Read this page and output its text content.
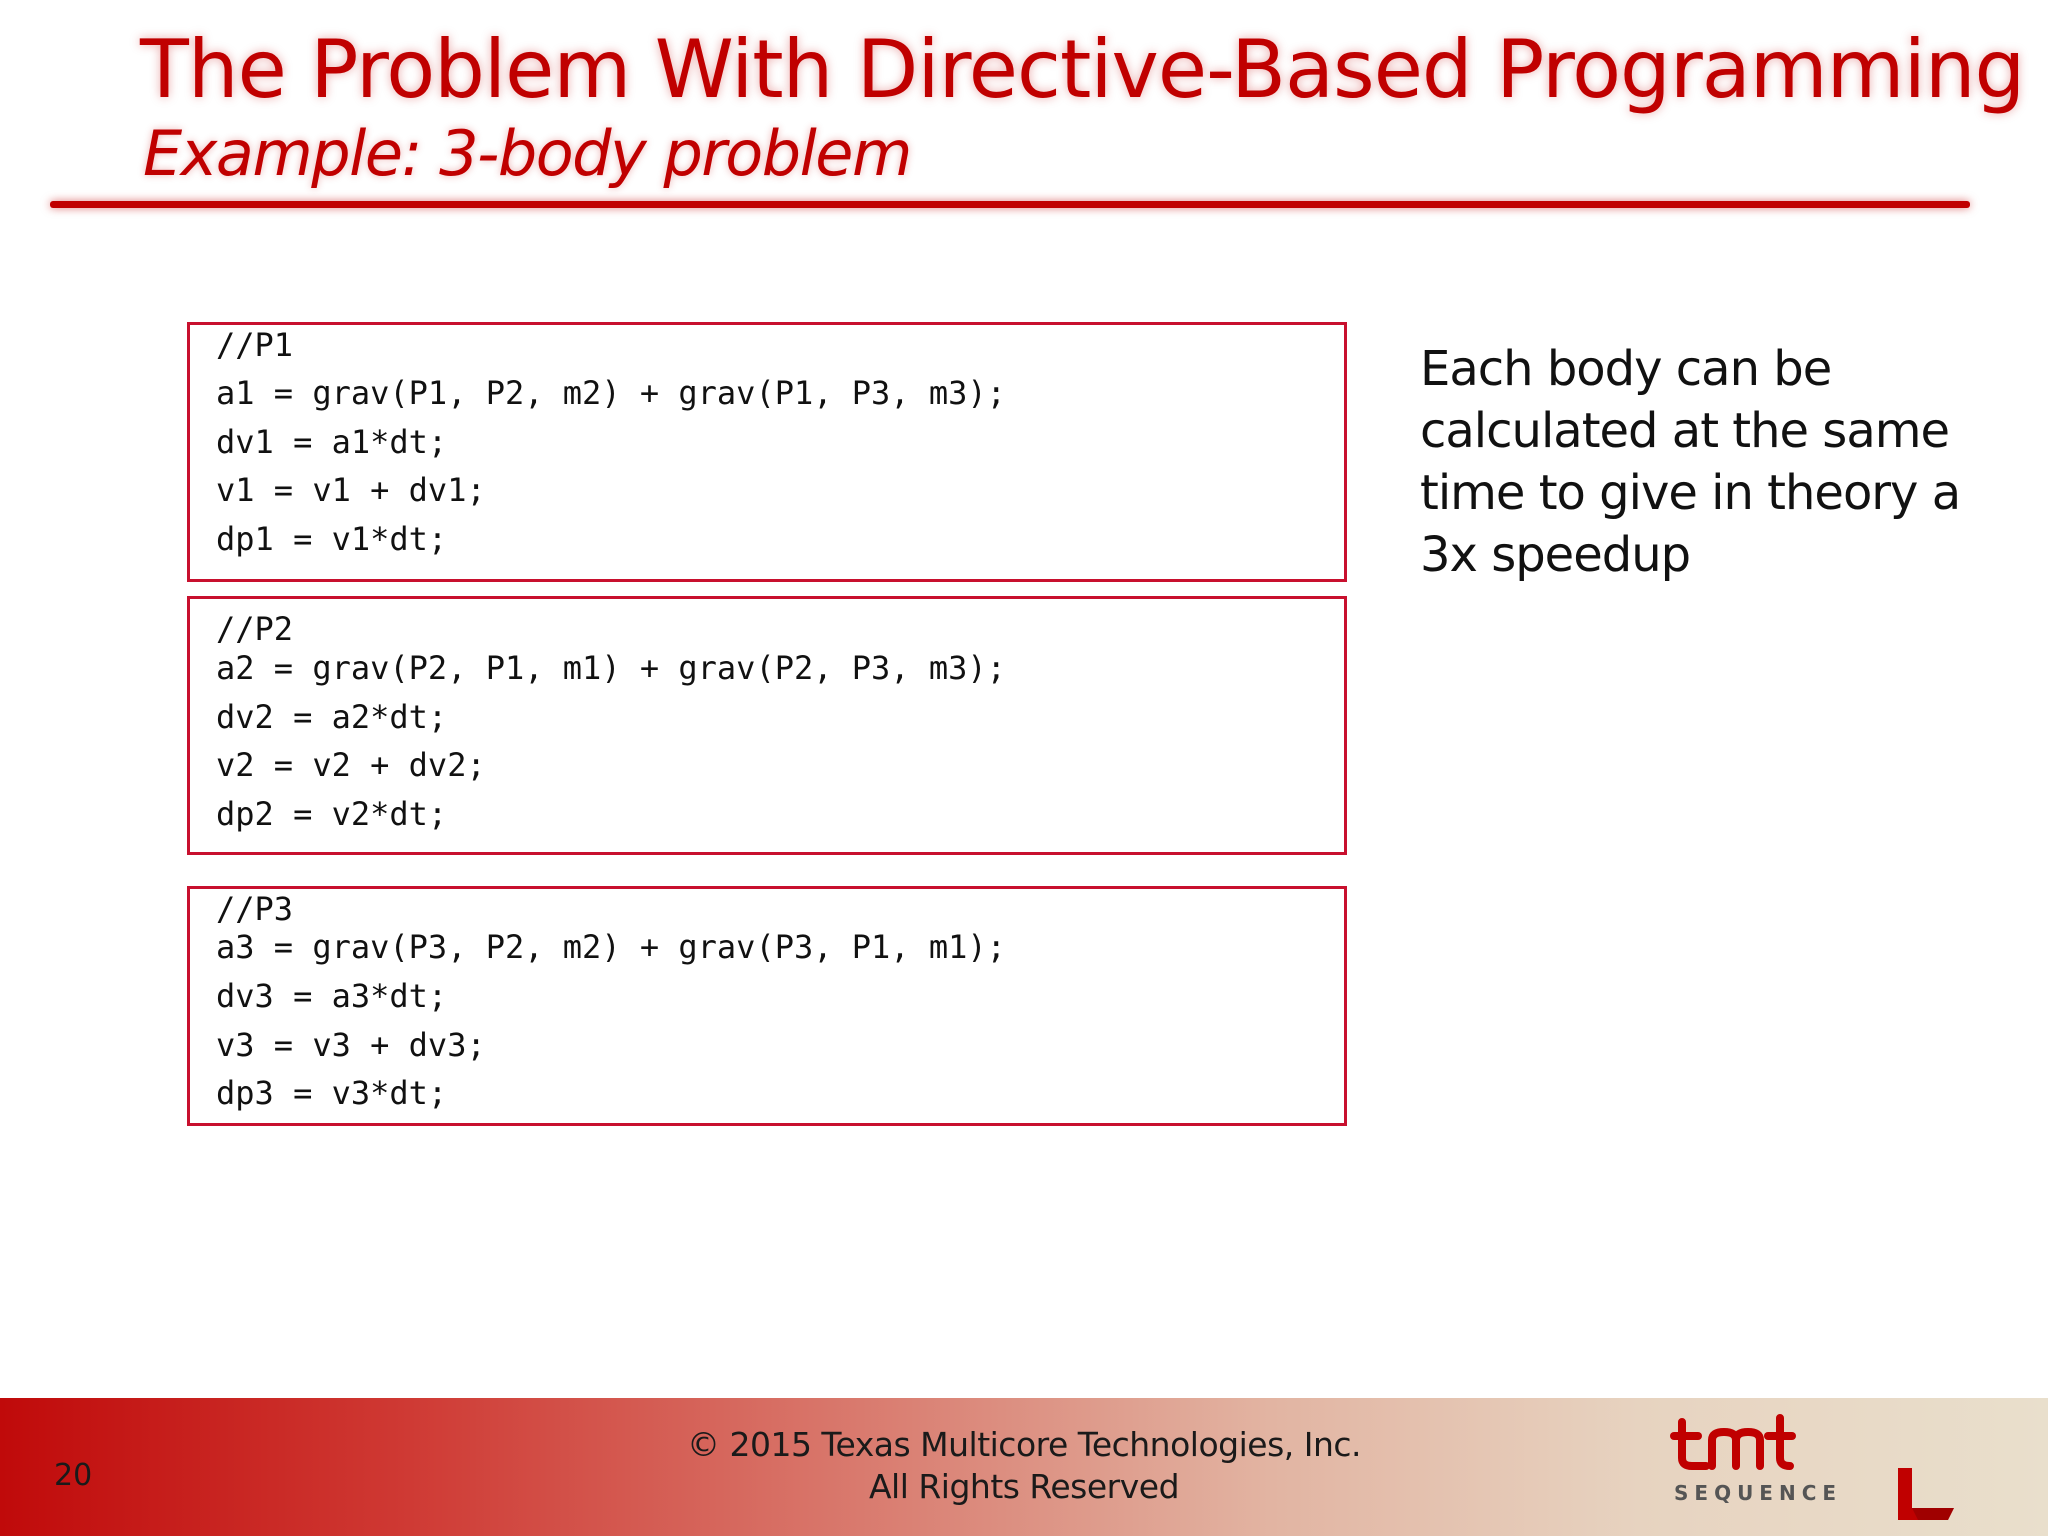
The Problem With Directive-Based Programming
Example: 3-body problem
//P1
a1 = grav(P1, P2, m2) + grav(P1, P3, m3);
dv1 = a1*dt;
v1 = v1 + dv1;
dp1 = v1*dt;
//P2
a2 = grav(P2, P1, m1) + grav(P2, P3, m3);
dv2 = a2*dt;
v2 = v2 + dv2;
dp2 = v2*dt;
//P3
a3 = grav(P3, P2, m2) + grav(P3, P1, m1);
dv3 = a3*dt;
v3 = v3 + dv3;
dp3 = v3*dt;

Each body can be calculated at the same time to give in theory a 3x speedup

20
© 2015 Texas Multicore Technologies, Inc.
All Rights Reserved	SEQUENCE
